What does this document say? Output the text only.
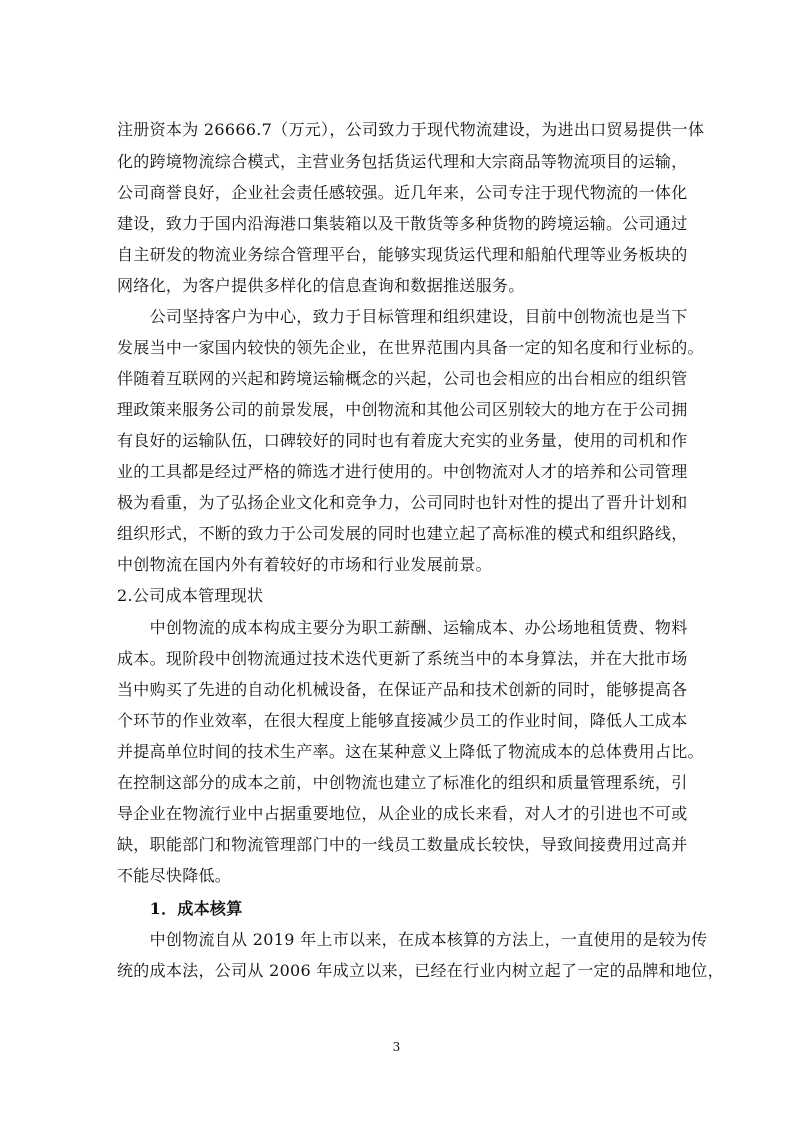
注册资本为 26666.7（万元），公司致力于现代物流建设，为进出口贸易提供一体
化的跨境物流综合模式，主营业务包括货运代理和大宗商品等物流项目的运输，
公司商誉良好，企业社会责任感较强。近几年来，公司专注于现代物流的一体化
建设，致力于国内沿海港口集装箱以及干散货等多种货物的跨境运输。公司通过
自主研发的物流业务综合管理平台，能够实现货运代理和船舶代理等业务板块的
网络化，为客户提供多样化的信息查询和数据推送服务。
　　公司坚持客户为中心，致力于目标管理和组织建设，目前中创物流也是当下
发展当中一家国内较快的领先企业，在世界范围内具备一定的知名度和行业标的。
伴随着互联网的兴起和跨境运输概念的兴起，公司也会相应的出台相应的组织管
理政策来服务公司的前景发展，中创物流和其他公司区别较大的地方在于公司拥
有良好的运输队伍，口碑较好的同时也有着庞大充实的业务量，使用的司机和作
业的工具都是经过严格的筛选才进行使用的。中创物流对人才的培养和公司管理
极为看重，为了弘扬企业文化和竞争力，公司同时也针对性的提出了晋升计划和
组织形式，不断的致力于公司发展的同时也建立起了高标准的模式和组织路线，
中创物流在国内外有着较好的市场和行业发展前景。
2.公司成本管理现状
　　中创物流的成本构成主要分为职工薪酬、运输成本、办公场地租赁费、物料
成本。现阶段中创物流通过技术迭代更新了系统当中的本身算法，并在大批市场
当中购买了先进的自动化机械设备，在保证产品和技术创新的同时，能够提高各
个环节的作业效率，在很大程度上能够直接减少员工的作业时间，降低人工成本
并提高单位时间的技术生产率。这在某种意义上降低了物流成本的总体费用占比。
在控制这部分的成本之前，中创物流也建立了标准化的组织和质量管理系统，引
导企业在物流行业中占据重要地位，从企业的成长来看，对人才的引进也不可或
缺，职能部门和物流管理部门中的一线员工数量成长较快，导致间接费用过高并
不能尽快降低。
　　1．成本核算
　　中创物流自从 2019 年上市以来，在成本核算的方法上，一直使用的是较为传
统的成本法，公司从 2006 年成立以来，已经在行业内树立起了一定的品牌和地位，
3
